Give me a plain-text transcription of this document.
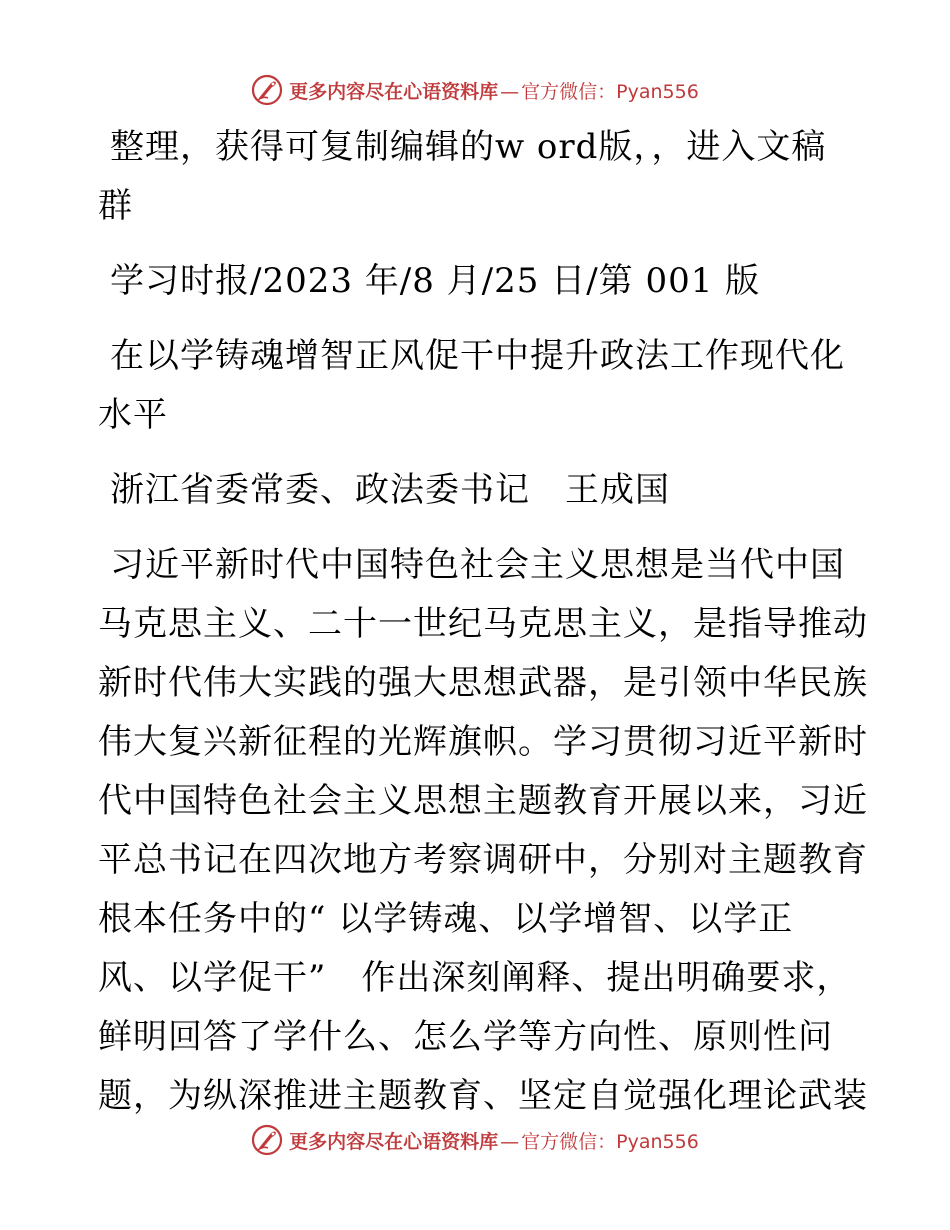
更多内容尽在心语资料库 — 官方微信：Pyan556

整理，获得可复制编辑的w ord版，，进入文稿
群

学习时报/2023 年/8 月/25 日/第 001 版

在以学铸魂增智正风促干中提升政法工作现代化
水平

浙江省委常委、政法委书记　王成国

习近平新时代中国特色社会主义思想是当代中国
马克思主义、二十一世纪马克思主义，是指导推动
新时代伟大实践的强大思想武器，是引领中华民族
伟大复兴新征程的光辉旗帜。学习贯彻习近平新时
代中国特色社会主义思想主题教育开展以来，习近
平总书记在四次地方考察调研中，分别对主题教育
根本任务中的“ 以学铸魂、以学增智、以学正
风、以学促干”　作出深刻阐释、提出明确要求，
鲜明回答了学什么、怎么学等方向性、原则性问
题，为纵深推进主题教育、坚定自觉强化理论武装

更多内容尽在心语资料库 — 官方微信：Pyan556
